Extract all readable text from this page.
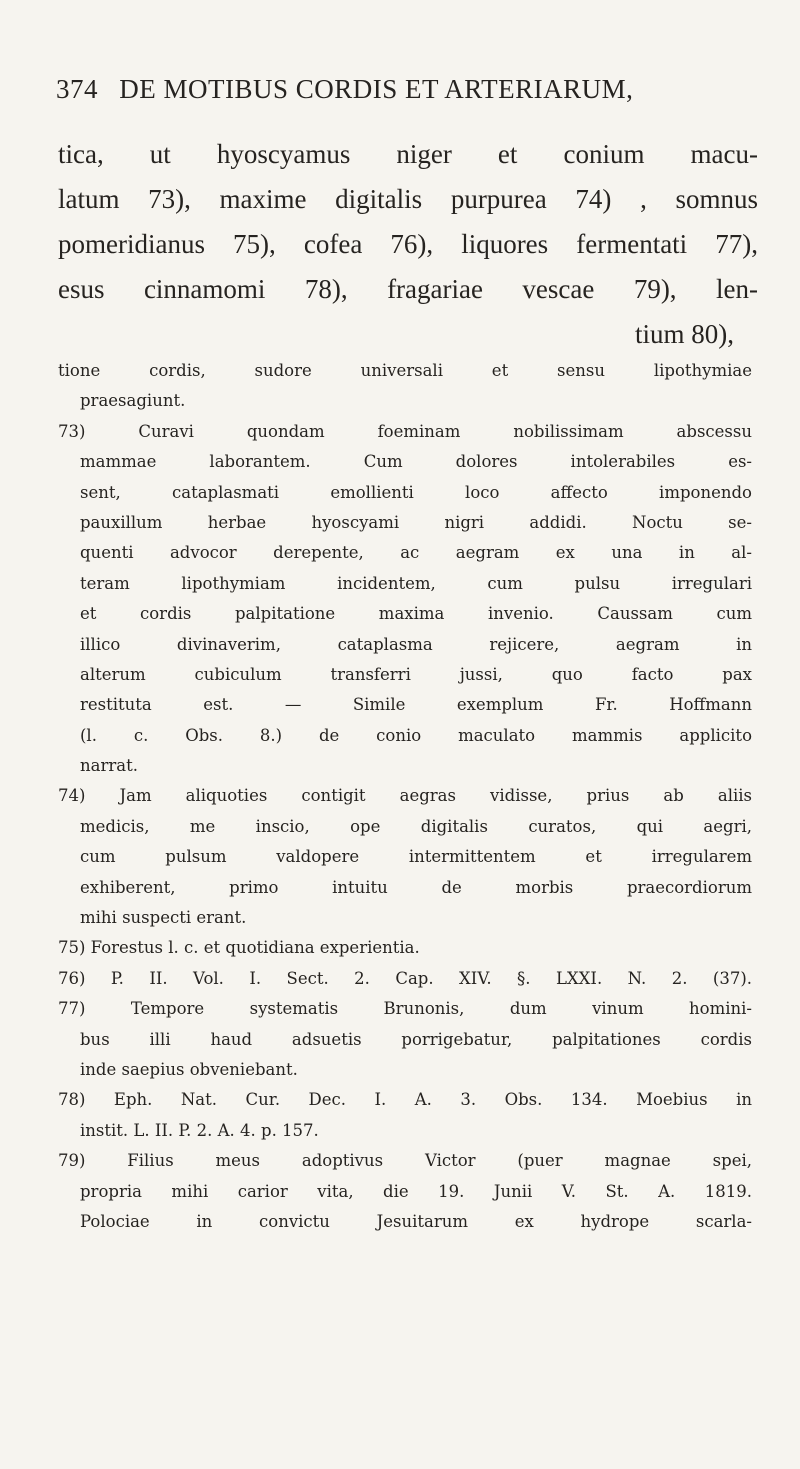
374 DE MOTIBUS CORDIS ET ARTERIARUM,
tica, ut hyoscyamus niger et conium macu-
latum 73), maxime digitalis purpurea 74) , somnus
pomeridianus 75), cofea 76), liquores fermentati 77),
esus cinnamomi 78), fragariae vescae 79), len-
tium 80),
tione cordis, sudore universali et sensu lipothymiae
praesagiunt.
73) Curavi quondam foeminam nobilissimam abscessu
mammae laborantem. Cum dolores intolerabiles es-
sent, cataplasmati emollienti loco affecto imponendo
pauxillum herbae hyoscyami nigri addidi. Noctu se-
quenti advocor derepente, ac aegram ex una in al-
teram lipothymiam incidentem, cum pulsu irregulari
et cordis palpitatione maxima invenio. Caussam cum
illico divinaverim, cataplasma rejicere, aegram in
alterum cubiculum transferri jussi, quo facto pax
restituta est. — Simile exemplum Fr. Hoffmann
(l. c. Obs. 8.) de conio maculato mammis applicito
narrat.
74) Jam aliquoties contigit aegras vidisse, prius ab aliis
medicis, me inscio, ope digitalis curatos, qui aegri,
cum pulsum valdopere intermittentem et irregularem
exhiberent, primo intuitu de morbis praecordiorum
mihi suspecti erant.
75) Forestus l. c. et quotidiana experientia.
76) P. II. Vol. I. Sect. 2. Cap. XIV. §. LXXI. N. 2. (37).
77) Tempore systematis Brunonis, dum vinum homini-
bus illi haud adsuetis porrigebatur, palpitationes cordis
inde saepius obveniebant.
78) Eph. Nat. Cur. Dec. I. A. 3. Obs. 134. Moebius in
instit. L. II. P. 2. A. 4. p. 157.
79) Filius meus adoptivus Victor (puer magnae spei,
propria mihi carior vita, die 19. Junii V. St. A. 1819.
Polociae in convictu Jesuitarum ex hydrope scarla-
